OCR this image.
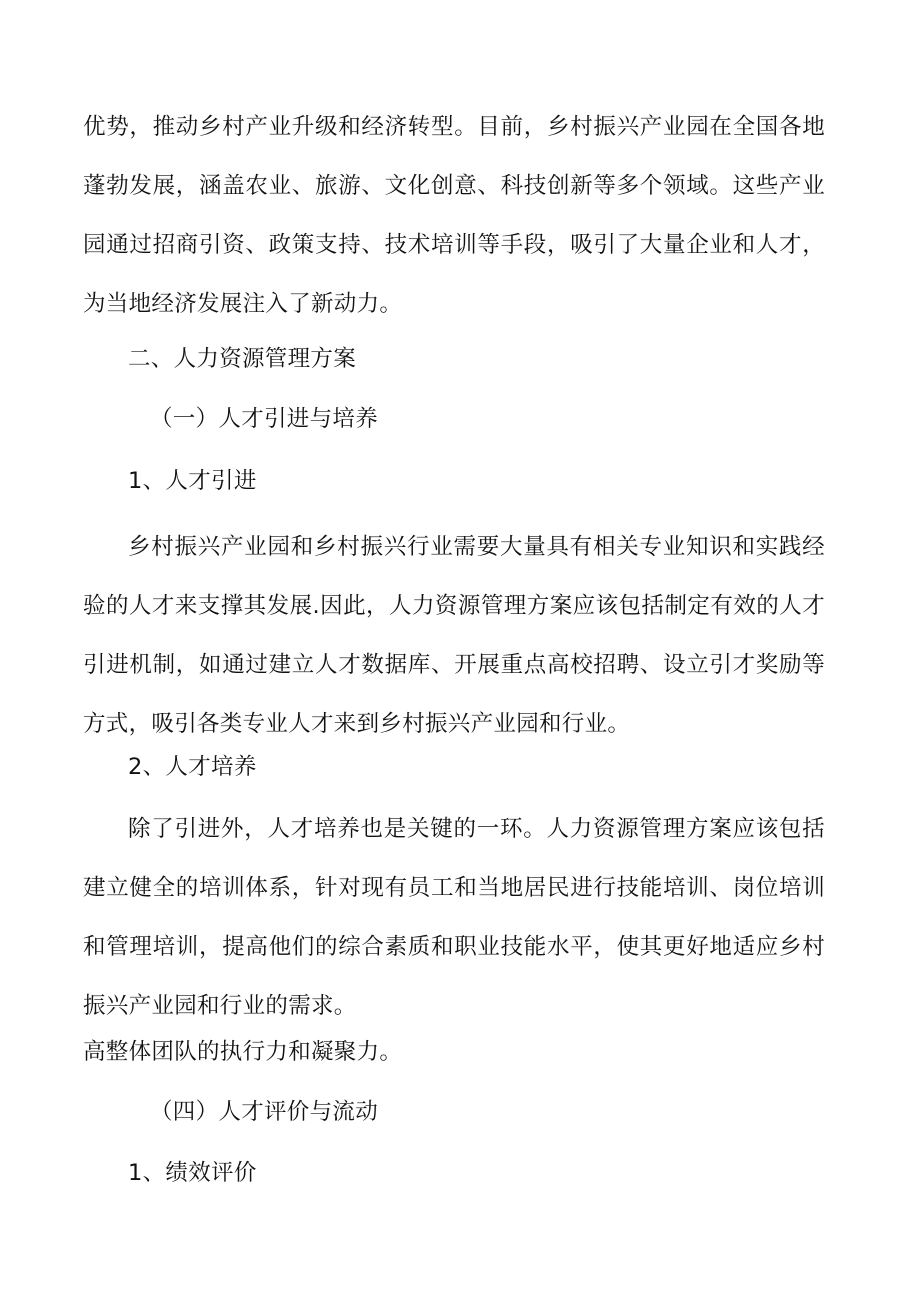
优势，推动乡村产业升级和经济转型。目前，乡村振兴产业园在全国各地蓬勃发展，涵盖农业、旅游、文化创意、科技创新等多个领域。这些产业园通过招商引资、政策支持、技术培训等手段，吸引了大量企业和人才，为当地经济发展注入了新动力。

二、人力资源管理方案

（一）人才引进与培养

1、人才引进

乡村振兴产业园和乡村振兴行业需要大量具有相关专业知识和实践经验的人才来支撑其发展.因此，人力资源管理方案应该包括制定有效的人才引进机制，如通过建立人才数据库、开展重点高校招聘、设立引才奖励等方式，吸引各类专业人才来到乡村振兴产业园和行业。

2、人才培养

除了引进外，人才培养也是关键的一环。人力资源管理方案应该包括建立健全的培训体系，针对现有员工和当地居民进行技能培训、岗位培训和管理培训，提高他们的综合素质和职业技能水平，使其更好地适应乡村振兴产业园和行业的需求。

高整体团队的执行力和凝聚力。

（四）人才评价与流动

1、绩效评价
